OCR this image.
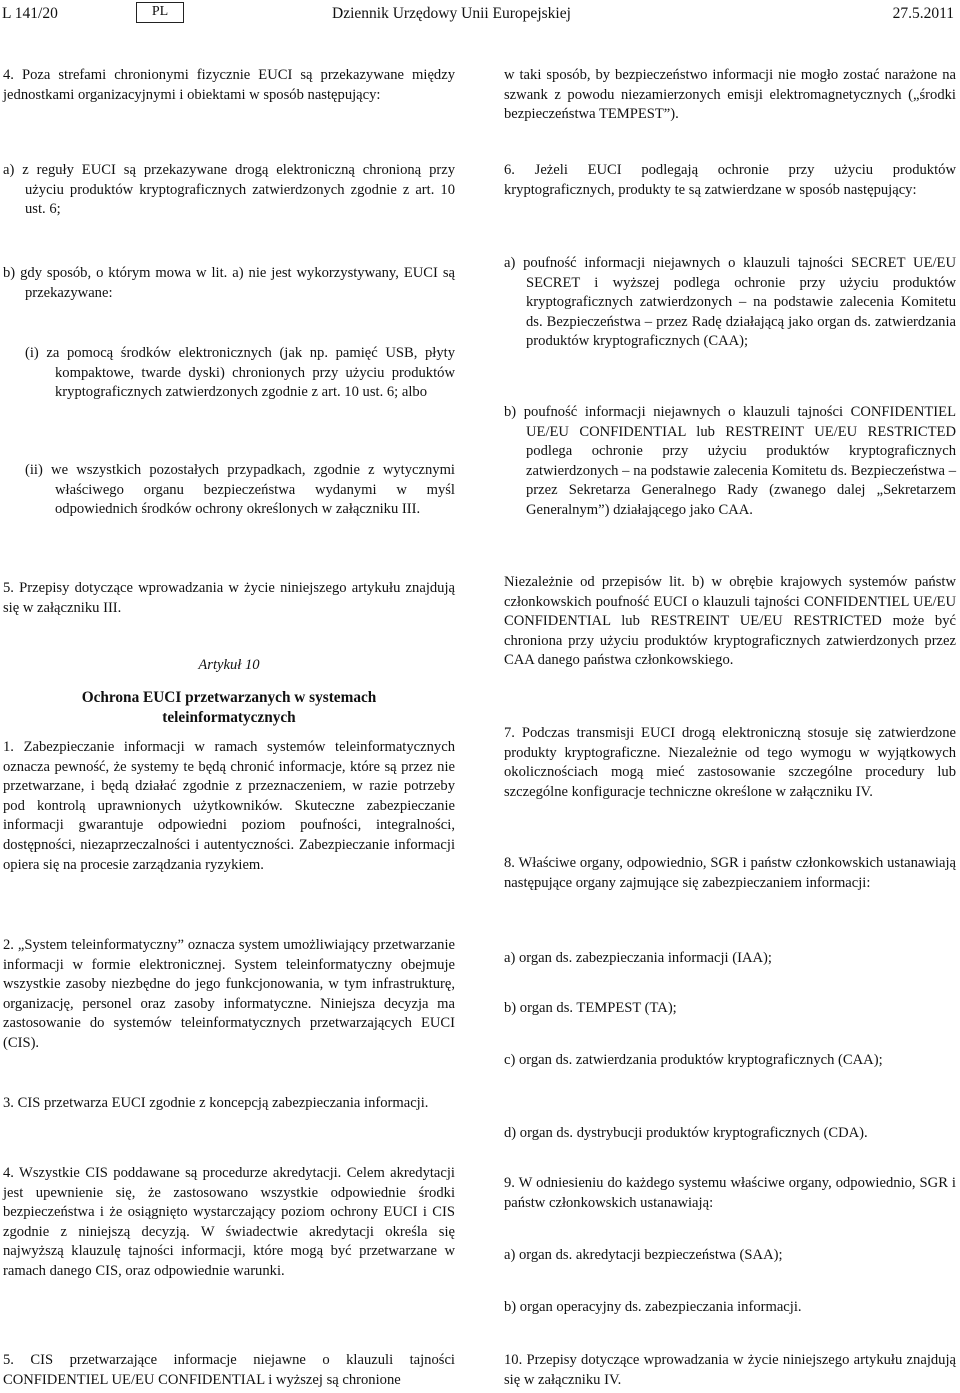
L 141/20	PL	Dziennik Urzędowy Unii Europejskiej	27.5.2011

4. Poza strefami chronionymi fizycznie EUCI są przekazywane między jednostkami organizacyjnymi i obiektami w sposób następujący:

a) z reguły EUCI są przekazywane drogą elektroniczną chronioną przy użyciu produktów kryptograficznych zatwierdzonych zgodnie z art. 10 ust. 6;

b) gdy sposób, o którym mowa w lit. a) nie jest wykorzystywany, EUCI są przekazywane:

(i) za pomocą środków elektronicznych (jak np. pamięć USB, płyty kompaktowe, twarde dyski) chronionych przy użyciu produktów kryptograficznych zatwierdzonych zgodnie z art. 10 ust. 6; albo

(ii) we wszystkich pozostałych przypadkach, zgodnie z wytycznymi właściwego organu bezpieczeństwa wydanymi w myśl odpowiednich środków ochrony określonych w załączniku III.

5. Przepisy dotyczące wprowadzania w życie niniejszego artykułu znajdują się w załączniku III.

Artykuł 10

Ochrona EUCI przetwarzanych w systemach teleinformatycznych

1. Zabezpieczanie informacji w ramach systemów teleinformatycznych oznacza pewność, że systemy te będą chronić informacje, które są przez nie przetwarzane, i będą działać zgodnie z przeznaczeniem, w razie potrzeby pod kontrolą uprawnionych użytkowników. Skuteczne zabezpieczanie informacji gwarantuje odpowiedni poziom poufności, integralności, dostępności, niezaprzeczalności i autentyczności. Zabezpieczanie informacji opiera się na procesie zarządzania ryzykiem.

2. „System teleinformatyczny” oznacza system umożliwiający przetwarzanie informacji w formie elektronicznej. System teleinformatyczny obejmuje wszystkie zasoby niezbędne do jego funkcjonowania, w tym infrastrukturę, organizację, personel oraz zasoby informatyczne. Niniejsza decyzja ma zastosowanie do systemów teleinformatycznych przetwarzających EUCI (CIS).

3. CIS przetwarza EUCI zgodnie z koncepcją zabezpieczania informacji.

4. Wszystkie CIS poddawane są procedurze akredytacji. Celem akredytacji jest upewnienie się, że zastosowano wszystkie odpowiednie środki bezpieczeństwa i że osiągnięto wystarczający poziom ochrony EUCI i CIS zgodnie z niniejszą decyzją. W świadectwie akredytacji określa się najwyższą klauzulę tajności informacji, które mogą być przetwarzane w ramach danego CIS, oraz odpowiednie warunki.

5. CIS przetwarzające informacje niejawne o klauzuli tajności CONFIDENTIEL UE/EU CONFIDENTIAL i wyższej są chronione

w taki sposób, by bezpieczeństwo informacji nie mogło zostać narażone na szwank z powodu niezamierzonych emisji elektromagnetycznych („środki bezpieczeństwa TEMPEST”).

6. Jeżeli EUCI podlegają ochronie przy użyciu produktów kryptograficznych, produkty te są zatwierdzane w sposób następujący:

a) poufność informacji niejawnych o klauzuli tajności SECRET UE/EU SECRET i wyższej podlega ochronie przy użyciu produktów kryptograficznych zatwierdzonych – na podstawie zalecenia Komitetu ds. Bezpieczeństwa – przez Radę działającą jako organ ds. zatwierdzania produktów kryptograficznych (CAA);

b) poufność informacji niejawnych o klauzuli tajności CONFIDENTIEL UE/EU CONFIDENTIAL lub RESTREINT UE/EU RESTRICTED podlega ochronie przy użyciu produktów kryptograficznych zatwierdzonych – na podstawie zalecenia Komitetu ds. Bezpieczeństwa – przez Sekretarza Generalnego Rady (zwanego dalej „Sekretarzem Generalnym”) działającego jako CAA.

Niezależnie od przepisów lit. b) w obrębie krajowych systemów państw członkowskich poufność EUCI o klauzuli tajności CONFIDENTIEL UE/EU CONFIDENTIAL lub RESTREINT UE/EU RESTRICTED może być chroniona przy użyciu produktów kryptograficznych zatwierdzonych przez CAA danego państwa członkowskiego.

7. Podczas transmisji EUCI drogą elektroniczną stosuje się zatwierdzone produkty kryptograficzne. Niezależnie od tego wymogu w wyjątkowych okolicznościach mogą mieć zastosowanie szczególne procedury lub szczególne konfiguracje techniczne określone w załączniku IV.

8. Właściwe organy, odpowiednio, SGR i państw członkowskich ustanawiają następujące organy zajmujące się zabezpieczaniem informacji:

a) organ ds. zabezpieczania informacji (IAA);

b) organ ds. TEMPEST (TA);

c) organ ds. zatwierdzania produktów kryptograficznych (CAA);

d) organ ds. dystrybucji produktów kryptograficznych (CDA).

9. W odniesieniu do każdego systemu właściwe organy, odpowiednio, SGR i państw członkowskich ustanawiają:

a) organ ds. akredytacji bezpieczeństwa (SAA);

b) organ operacyjny ds. zabezpieczania informacji.

10. Przepisy dotyczące wprowadzania w życie niniejszego artykułu znajdują się w załączniku IV.
